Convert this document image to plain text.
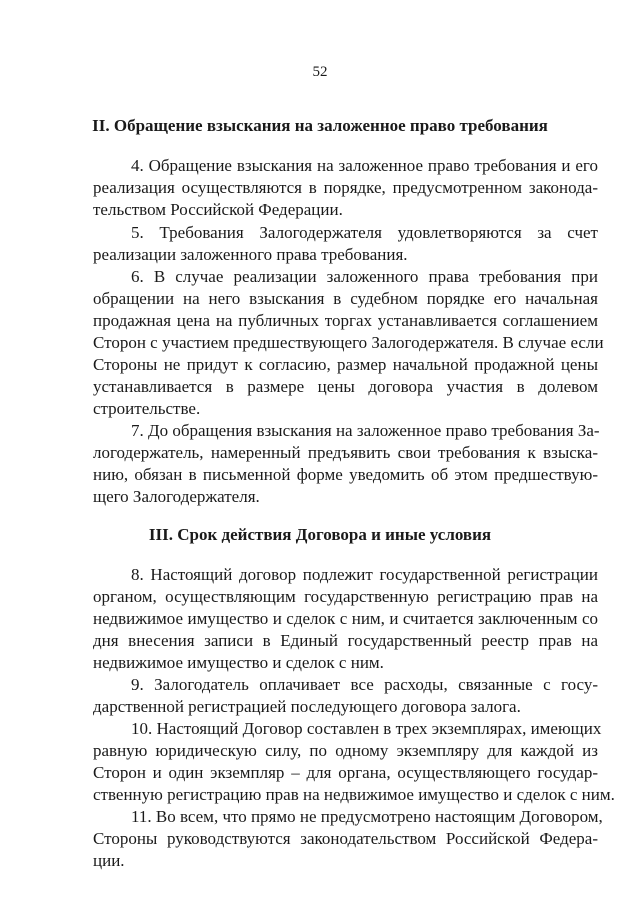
52
II. Обращение взыскания на заложенное право требования
4. Обращение взыскания на заложенное право требования и его
реализация осуществляются в порядке, предусмотренном законода-
тельством Российской Федерации.
5. Требования Залогодержателя удовлетворяются за счет
реализации заложенного права требования.
6. В случае реализации заложенного права требования при
обращении на него взыскания в судебном порядке его начальная
продажная цена на публичных торгах устанавливается соглашением
Сторон с участием предшествующего Залогодержателя. В случае если
Стороны не придут к согласию, размер начальной продажной цены
устанавливается в размере цены договора участия в долевом
строительстве.
7. До обращения взыскания на заложенное право требования За-
логодержатель, намеренный предъявить свои требования к взыска-
нию, обязан в письменной форме уведомить об этом предшествую-
щего Залогодержателя.
III. Срок действия Договора и иные условия
8. Настоящий договор подлежит государственной регистрации
органом, осуществляющим государственную регистрацию прав на
недвижимое имущество и сделок с ним, и считается заключенным со
дня внесения записи в Единый государственный реестр прав на
недвижимое имущество и сделок с ним.
9. Залогодатель оплачивает все расходы, связанные с госу-
дарственной регистрацией последующего договора залога.
10. Настоящий Договор составлен в трех экземплярах, имеющих
равную юридическую силу, по одному экземпляру для каждой из
Сторон и один экземпляр – для органа, осуществляющего государ-
ственную регистрацию прав на недвижимое имущество и сделок с ним.
11. Во всем, что прямо не предусмотрено настоящим Договором,
Стороны руководствуются законодательством Российской Федера-
ции.
